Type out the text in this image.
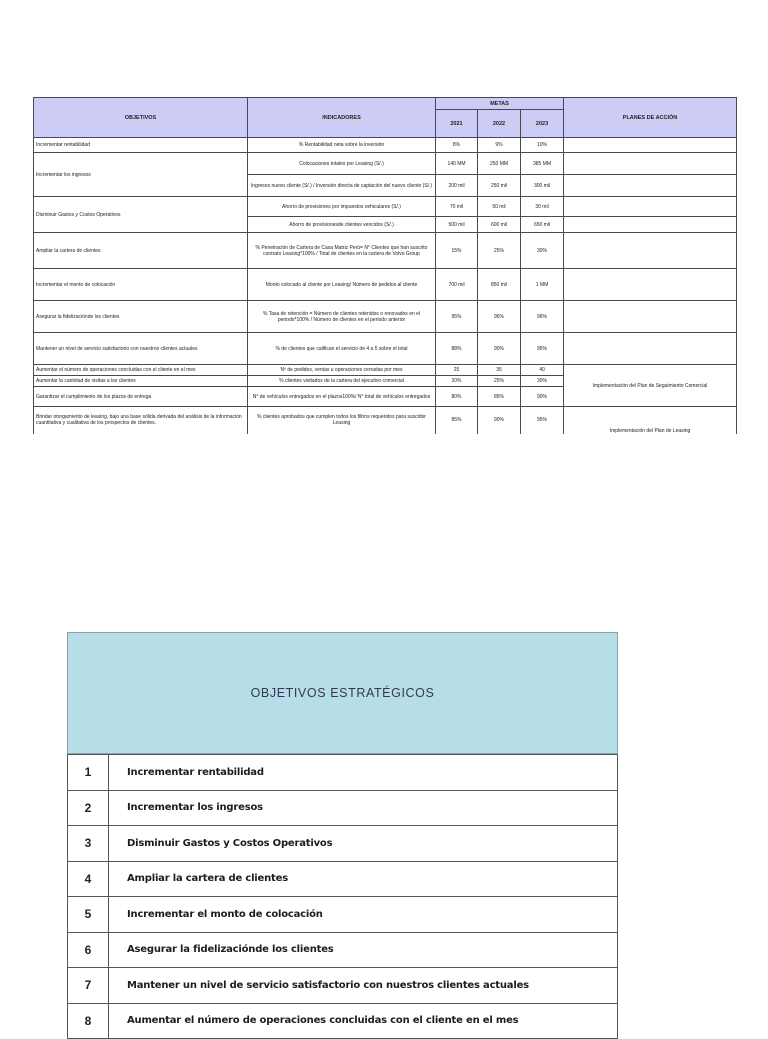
OBJETIVOS	INDICADORES	METAS			PLANES DE ACCIÓN
		2021	2022	2023	
Incrementar rentabilidad	% Rentabilidad neta sobre la inversión	8%	9%	10%	
Incrementar los ingresos	Colocaciones totales por Leasing (S/.)	140 MM	250 MM	385 MM	
	Ingresos nuevo cliente (S/.) / Inversión directa de captación del nuevo cliente (S/.)	200 mil	250 mil	300 mil	
Disminuir Gastos y Costos Operativos	Ahorro de provisiones por impuestos vehiculares (S/.)	70 mil	50 mil	30 mil	
	Ahorro de provisionesde clientes vencidos (S/.)	500 mil	600 mil	650 mil	
Ampliar la cartera de clientes	% Penetración de Cartera de Casa Matriz Perú= N° Clientes que han suscrito contrato Leasing*100% / Total de clientes en la cartera de Volvo Group	15%	25%	30%	
Incrementar el monto de colocación	Monto colocado al cliente por Leasing/ Número de pedidos al cliente	700 mil	850 mil	1 MM	
Asegurar la fidelizaciónde los clientes	% Tasa de retención = Número de clientes retenidos o renovados en el periodo*100% / Número de clientes en el periodo anterior	95%	96%	96%	
Mantener un nivel de servicio satisfactorio con nuestros clientes actuales	% de clientes que califican el servicio de 4 a 5 sobre el total	88%	90%	95%	
Aumentar el número de operaciones concluidas con el cliente en el mes	Nº de pedidos, ventas u operaciones cerradas por mes	25	35	40	Implementación del Plan de Seguimiento Comercial
Aumentar la cantidad de visitas a los clientes	% clientes visitados de la cartera del ejecutivo comercial	20%	25%	30%	
Garantizar el cumplimiento de los plazos de entrega	N° de vehículos entregados en el plazos100%/ N° total de vehículos entregados	80%	85%	90%	
Brindar otorgamiento de leasing, bajo una base sólida derivada del análisis de la información cuantitativa y cualitativa de los prospectos de clientes.	% clientes aprobados que cumplen todos los filtros requeridos para suscribir Leasing	85%	90%	95%	Implementación del Plan de Leasing
OBJETIVOS ESTRATÉGICOS
1	Incrementar rentabilidad
2	Incrementar los ingresos
3	Disminuir Gastos y Costos Operativos
4	Ampliar la cartera de clientes
5	Incrementar el monto de colocación
6	Asegurar la fidelizaciónde los clientes
7	Mantener un nivel de servicio satisfactorio con nuestros clientes actuales
8	Aumentar el número de operaciones concluidas con el cliente en el mes
